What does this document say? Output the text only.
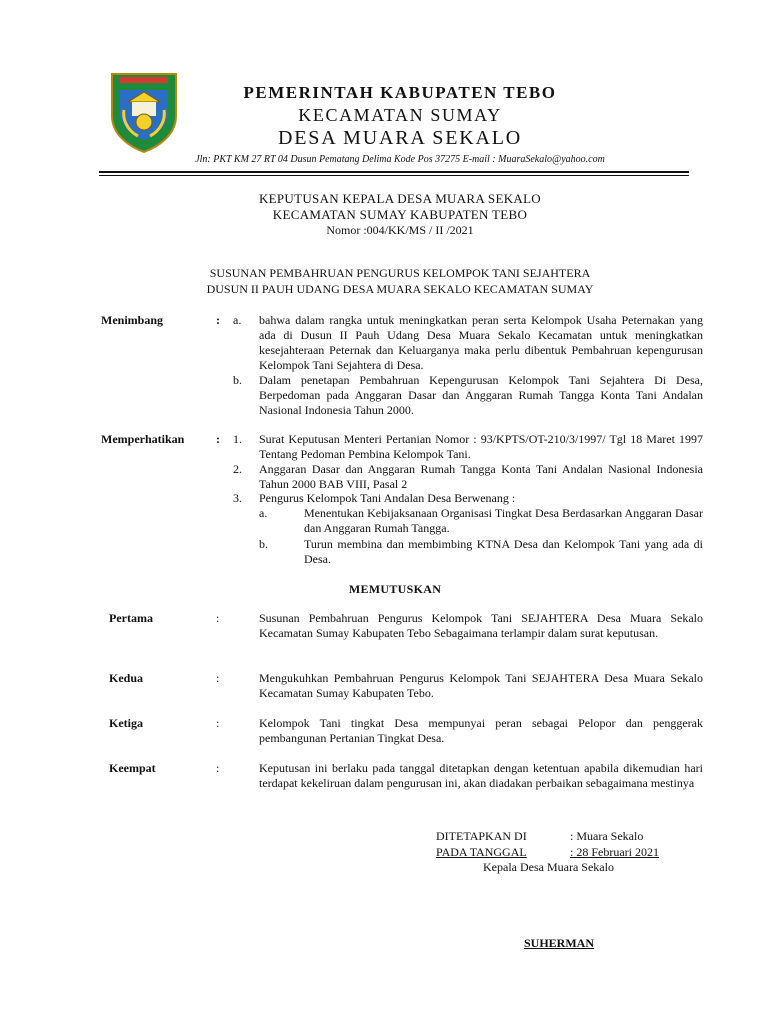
PEMERINTAH KABUPATEN TEBO
KECAMATAN SUMAY
DESA MUARA SEKALO
Jln: PKT KM 27 RT 04 Dusun Pematang Delima Kode Pos 37275 E-mail : MuaraSekalo@yahoo.com
KEPUTUSAN KEPALA DESA MUARA SEKALO
KECAMATAN SUMAY KABUPATEN TEBO
Nomor :004/KK/MS / II /2021
SUSUNAN PEMBAHRUAN PENGURUS KELOMPOK TANI SEJAHTERA
DUSUN II PAUH UDANG DESA MUARA SEKALO KECAMATAN SUMAY
Menimbang	: a. bahwa dalam rangka untuk meningkatkan peran serta Kelompok Usaha Peternakan yang ada di Dusun II Pauh Udang Desa Muara Sekalo Kecamatan untuk meningkatkan kesejahteraan Peternak dan Keluarganya maka perlu dibentuk Pembahruan kepengurusan Kelompok Tani Sejahtera di Desa.
b. Dalam penetapan Pembahruan Kepengurusan Kelompok Tani Sejahtera Di Desa, Berpedoman pada Anggaran Dasar dan Anggaran Rumah Tangga Konta Tani Andalan Nasional Indonesia Tahun 2000.
Memperhatikan	: 1. Surat Keputusan Menteri Pertanian Nomor : 93/KPTS/OT-210/3/1997/ Tgl 18 Maret 1997 Tentang Pedoman Pembina Kelompok Tani.
2. Anggaran Dasar dan Anggaran Rumah Tangga Konta Tani Andalan Nasional Indonesia Tahun 2000 BAB VIII, Pasal 2
3. Pengurus Kelompok Tani Andalan Desa Berwenang :
a.	Menentukan Kebijaksanaan Organisasi Tingkat Desa Berdasarkan Anggaran Dasar dan Anggaran Rumah Tangga.
b.	Turun membina dan membimbing KTNA Desa dan Kelompok Tani yang ada di Desa.
MEMUTUSKAN
Pertama	:	Susunan Pembahruan Pengurus Kelompok Tani SEJAHTERA Desa Muara Sekalo Kecamatan Sumay Kabupaten Tebo Sebagaimana terlampir dalam surat keputusan.
Kedua	:	Mengukuhkan Pembahruan Pengurus Kelompok Tani SEJAHTERA Desa Muara Sekalo Kecamatan Sumay Kabupaten Tebo.
Ketiga	:	Kelompok Tani tingkat Desa mempunyai peran sebagai Pelopor dan penggerak pembangunan Pertanian Tingkat Desa.
Keempat	:	Keputusan ini berlaku pada tanggal ditetapkan dengan ketentuan apabila dikemudian hari terdapat kekeliruan dalam pengurusan ini, akan diadakan perbaikan sebagaimana mestinya
DITETAPKAN DI	: Muara Sekalo
PADA TANGGAL	: 28 Februari 2021
Kepala Desa Muara Sekalo
SUHERMAN
